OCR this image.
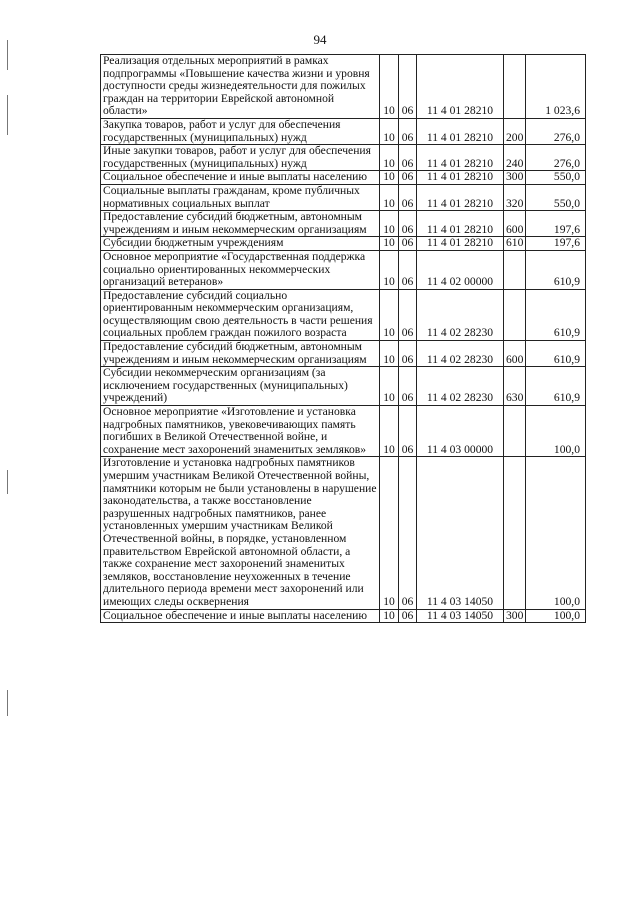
94
Реализация отдельных мероприятий в рамках подпрограммы «Повышение качества жизни и уровня доступности среды жизнедеятельности для пожилых граждан на территории Еврейской автономной области»	10	06	11 4 01 28210		1 023,6
Закупка товаров, работ и услуг для обеспечения государственных (муниципальных) нужд	10	06	11 4 01 28210	200	276,0
Иные закупки товаров, работ и услуг для обеспечения государственных (муниципальных) нужд	10	06	11 4 01 28210	240	276,0
Социальное обеспечение и иные выплаты населению	10	06	11 4 01 28210	300	550,0
Социальные выплаты гражданам, кроме публичных нормативных социальных выплат	10	06	11 4 01 28210	320	550,0
Предоставление субсидий бюджетным, автономным учреждениям и иным некоммерческим организациям	10	06	11 4 01 28210	600	197,6
Субсидии бюджетным учреждениям	10	06	11 4 01 28210	610	197,6
Основное мероприятие «Государственная поддержка социально ориентированных некоммерческих организаций ветеранов»	10	06	11 4 02 00000		610,9
Предоставление субсидий социально ориентированным некоммерческим организациям, осуществляющим свою деятельность в части решения социальных проблем граждан пожилого возраста	10	06	11 4 02 28230		610,9
Предоставление субсидий бюджетным, автономным учреждениям и иным некоммерческим организациям	10	06	11 4 02 28230	600	610,9
Субсидии некоммерческим организациям (за исключением государственных (муниципальных) учреждений)	10	06	11 4 02 28230	630	610,9
Основное мероприятие «Изготовление и установка надгробных памятников, увековечивающих память погибших в Великой Отечественной войне, и сохранение мест захоронений знаменитых земляков»	10	06	11 4 03 00000		100,0
Изготовление и установка надгробных памятников умершим участникам Великой Отечественной войны, памятники которым не были установлены в нарушение законодательства, а также восстановление разрушенных надгробных памятников, ранее установленных умершим участникам Великой Отечественной войны, в порядке, установленном правительством Еврейской автономной области, а также сохранение мест захоронений знаменитых земляков, восстановление неухоженных в течение длительного периода времени мест захоронений или имеющих следы осквернения	10	06	11 4 03 14050		100,0
Социальное обеспечение и иные выплаты населению	10	06	11 4 03 14050	300	100,0
